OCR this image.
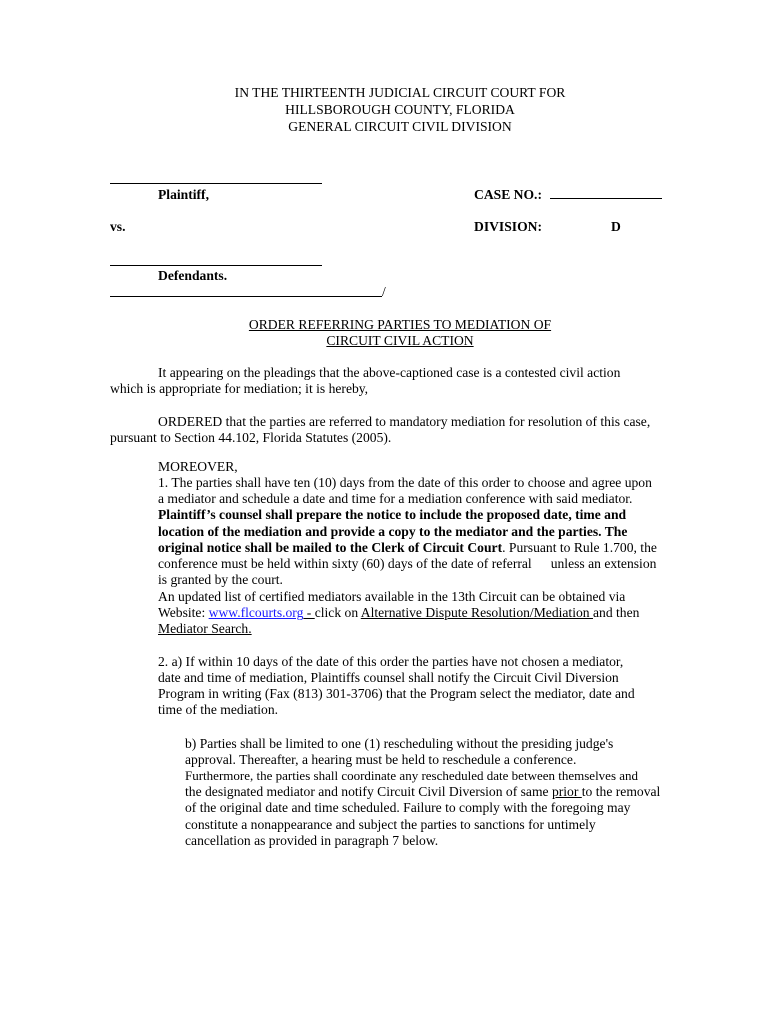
IN THE THIRTEENTH JUDICIAL CIRCUIT COURT FOR
HILLSBOROUGH COUNTY, FLORIDA
GENERAL CIRCUIT CIVIL DIVISION
Plaintiff,	CASE NO.:
vs.	DIVISION:	D
Defendants.
/
ORDER REFERRING PARTIES TO MEDIATION OF
CIRCUIT CIVIL ACTION
It appearing on the pleadings that the above-captioned case is a contested civil action
which is appropriate for mediation; it is hereby,
ORDERED that the parties are referred to mandatory mediation for resolution of this case,
pursuant to Section 44.102, Florida Statutes (2005).
MOREOVER,
1. The parties shall have ten (10) days from the date of this order to choose and agree upon
a mediator and schedule a date and time for a mediation conference with said mediator.
Plaintiff’s counsel shall prepare the notice to include the proposed date, time and
location of the mediation and provide a copy to the mediator and the parties. The
original notice shall be mailed to the Clerk of Circuit Court. Pursuant to Rule 1.700, the
conference must be held within sixty (60) days of the date of referral unless an extension
is granted by the court.
An updated list of certified mediators available in the 13th Circuit can be obtained via
Website: www.flcourts.org - click on Alternative Dispute Resolution/Mediation and then
Mediator Search.
2. a) If within 10 days of the date of this order the parties have not chosen a mediator,
date and time of mediation, Plaintiffs counsel shall notify the Circuit Civil Diversion
Program in writing (Fax (813) 301-3706) that the Program select the mediator, date and
time of the mediation.
b) Parties shall be limited to one (1) rescheduling without the presiding judge's
approval. Thereafter, a hearing must be held to reschedule a conference.
Furthermore, the parties shall coordinate any rescheduled date between themselves and
the designated mediator and notify Circuit Civil Diversion of same prior to the removal
of the original date and time scheduled. Failure to comply with the foregoing may
constitute a nonappearance and subject the parties to sanctions for untimely
cancellation as provided in paragraph 7 below.
